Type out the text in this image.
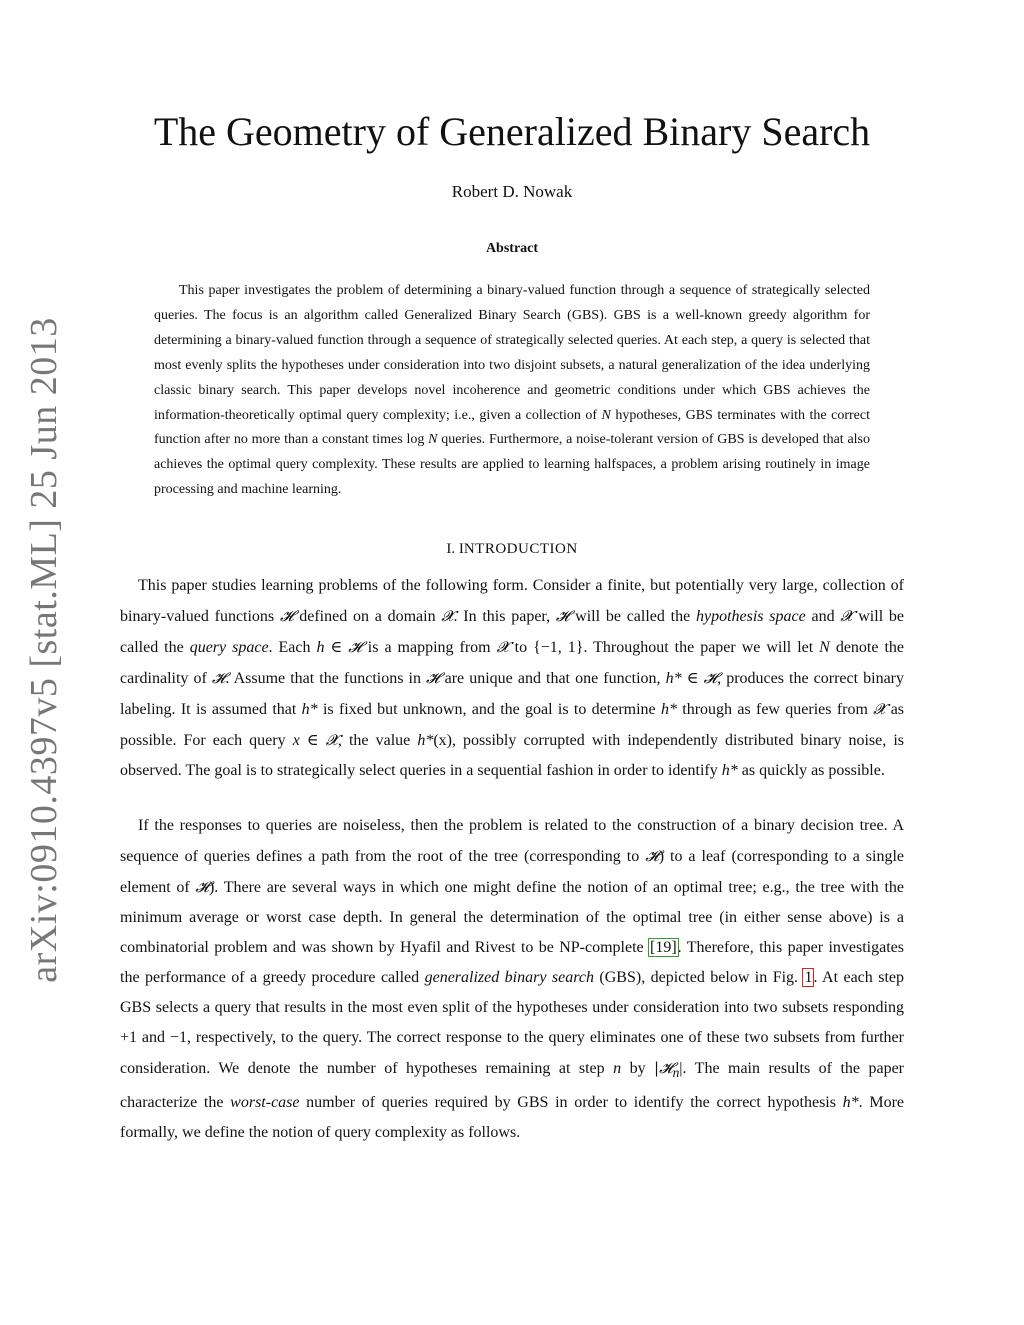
arXiv:0910.4397v5 [stat.ML] 25 Jun 2013
The Geometry of Generalized Binary Search
Robert D. Nowak
Abstract

This paper investigates the problem of determining a binary-valued function through a sequence of strategically selected queries. The focus is an algorithm called Generalized Binary Search (GBS). GBS is a well-known greedy algorithm for determining a binary-valued function through a sequence of strategically selected queries. At each step, a query is selected that most evenly splits the hypotheses under consideration into two disjoint subsets, a natural generalization of the idea underlying classic binary search. This paper develops novel incoherence and geometric conditions under which GBS achieves the information-theoretically optimal query complexity; i.e., given a collection of N hypotheses, GBS terminates with the correct function after no more than a constant times log N queries. Furthermore, a noise-tolerant version of GBS is developed that also achieves the optimal query complexity. These results are applied to learning halfspaces, a problem arising routinely in image processing and machine learning.

I. INTRODUCTION

This paper studies learning problems of the following form. Consider a finite, but potentially very large, collection of binary-valued functions 𝓗 defined on a domain 𝓧. In this paper, 𝓗 will be called the hypothesis space and 𝓧 will be called the query space. Each h ∈ 𝓗 is a mapping from 𝓧 to {−1, 1}. Throughout the paper we will let N denote the cardinality of 𝓗. Assume that the functions in 𝓗 are unique and that one function, h* ∈ 𝓗, produces the correct binary labeling. It is assumed that h* is fixed but unknown, and the goal is to determine h* through as few queries from 𝓧 as possible. For each query x ∈ 𝓧, the value h*(x), possibly corrupted with independently distributed binary noise, is observed. The goal is to strategically select queries in a sequential fashion in order to identify h* as quickly as possible.

If the responses to queries are noiseless, then the problem is related to the construction of a binary decision tree. A sequence of queries defines a path from the root of the tree (corresponding to 𝓗) to a leaf (corresponding to a single element of 𝓗). There are several ways in which one might define the notion of an optimal tree; e.g., the tree with the minimum average or worst case depth. In general the determination of the optimal tree (in either sense above) is a combinatorial problem and was shown by Hyafil and Rivest to be NP-complete [19]. Therefore, this paper investigates the performance of a greedy procedure called generalized binary search (GBS), depicted below in Fig. 1. At each step GBS selects a query that results in the most even split of the hypotheses under consideration into two subsets responding +1 and −1, respectively, to the query. The correct response to the query eliminates one of these two subsets from further consideration. We denote the number of hypotheses remaining at step n by |𝓗$_n$|. The main results of the paper characterize the worst-case number of queries required by GBS in order to identify the correct hypothesis h*. More formally, we define the notion of query complexity as follows.
